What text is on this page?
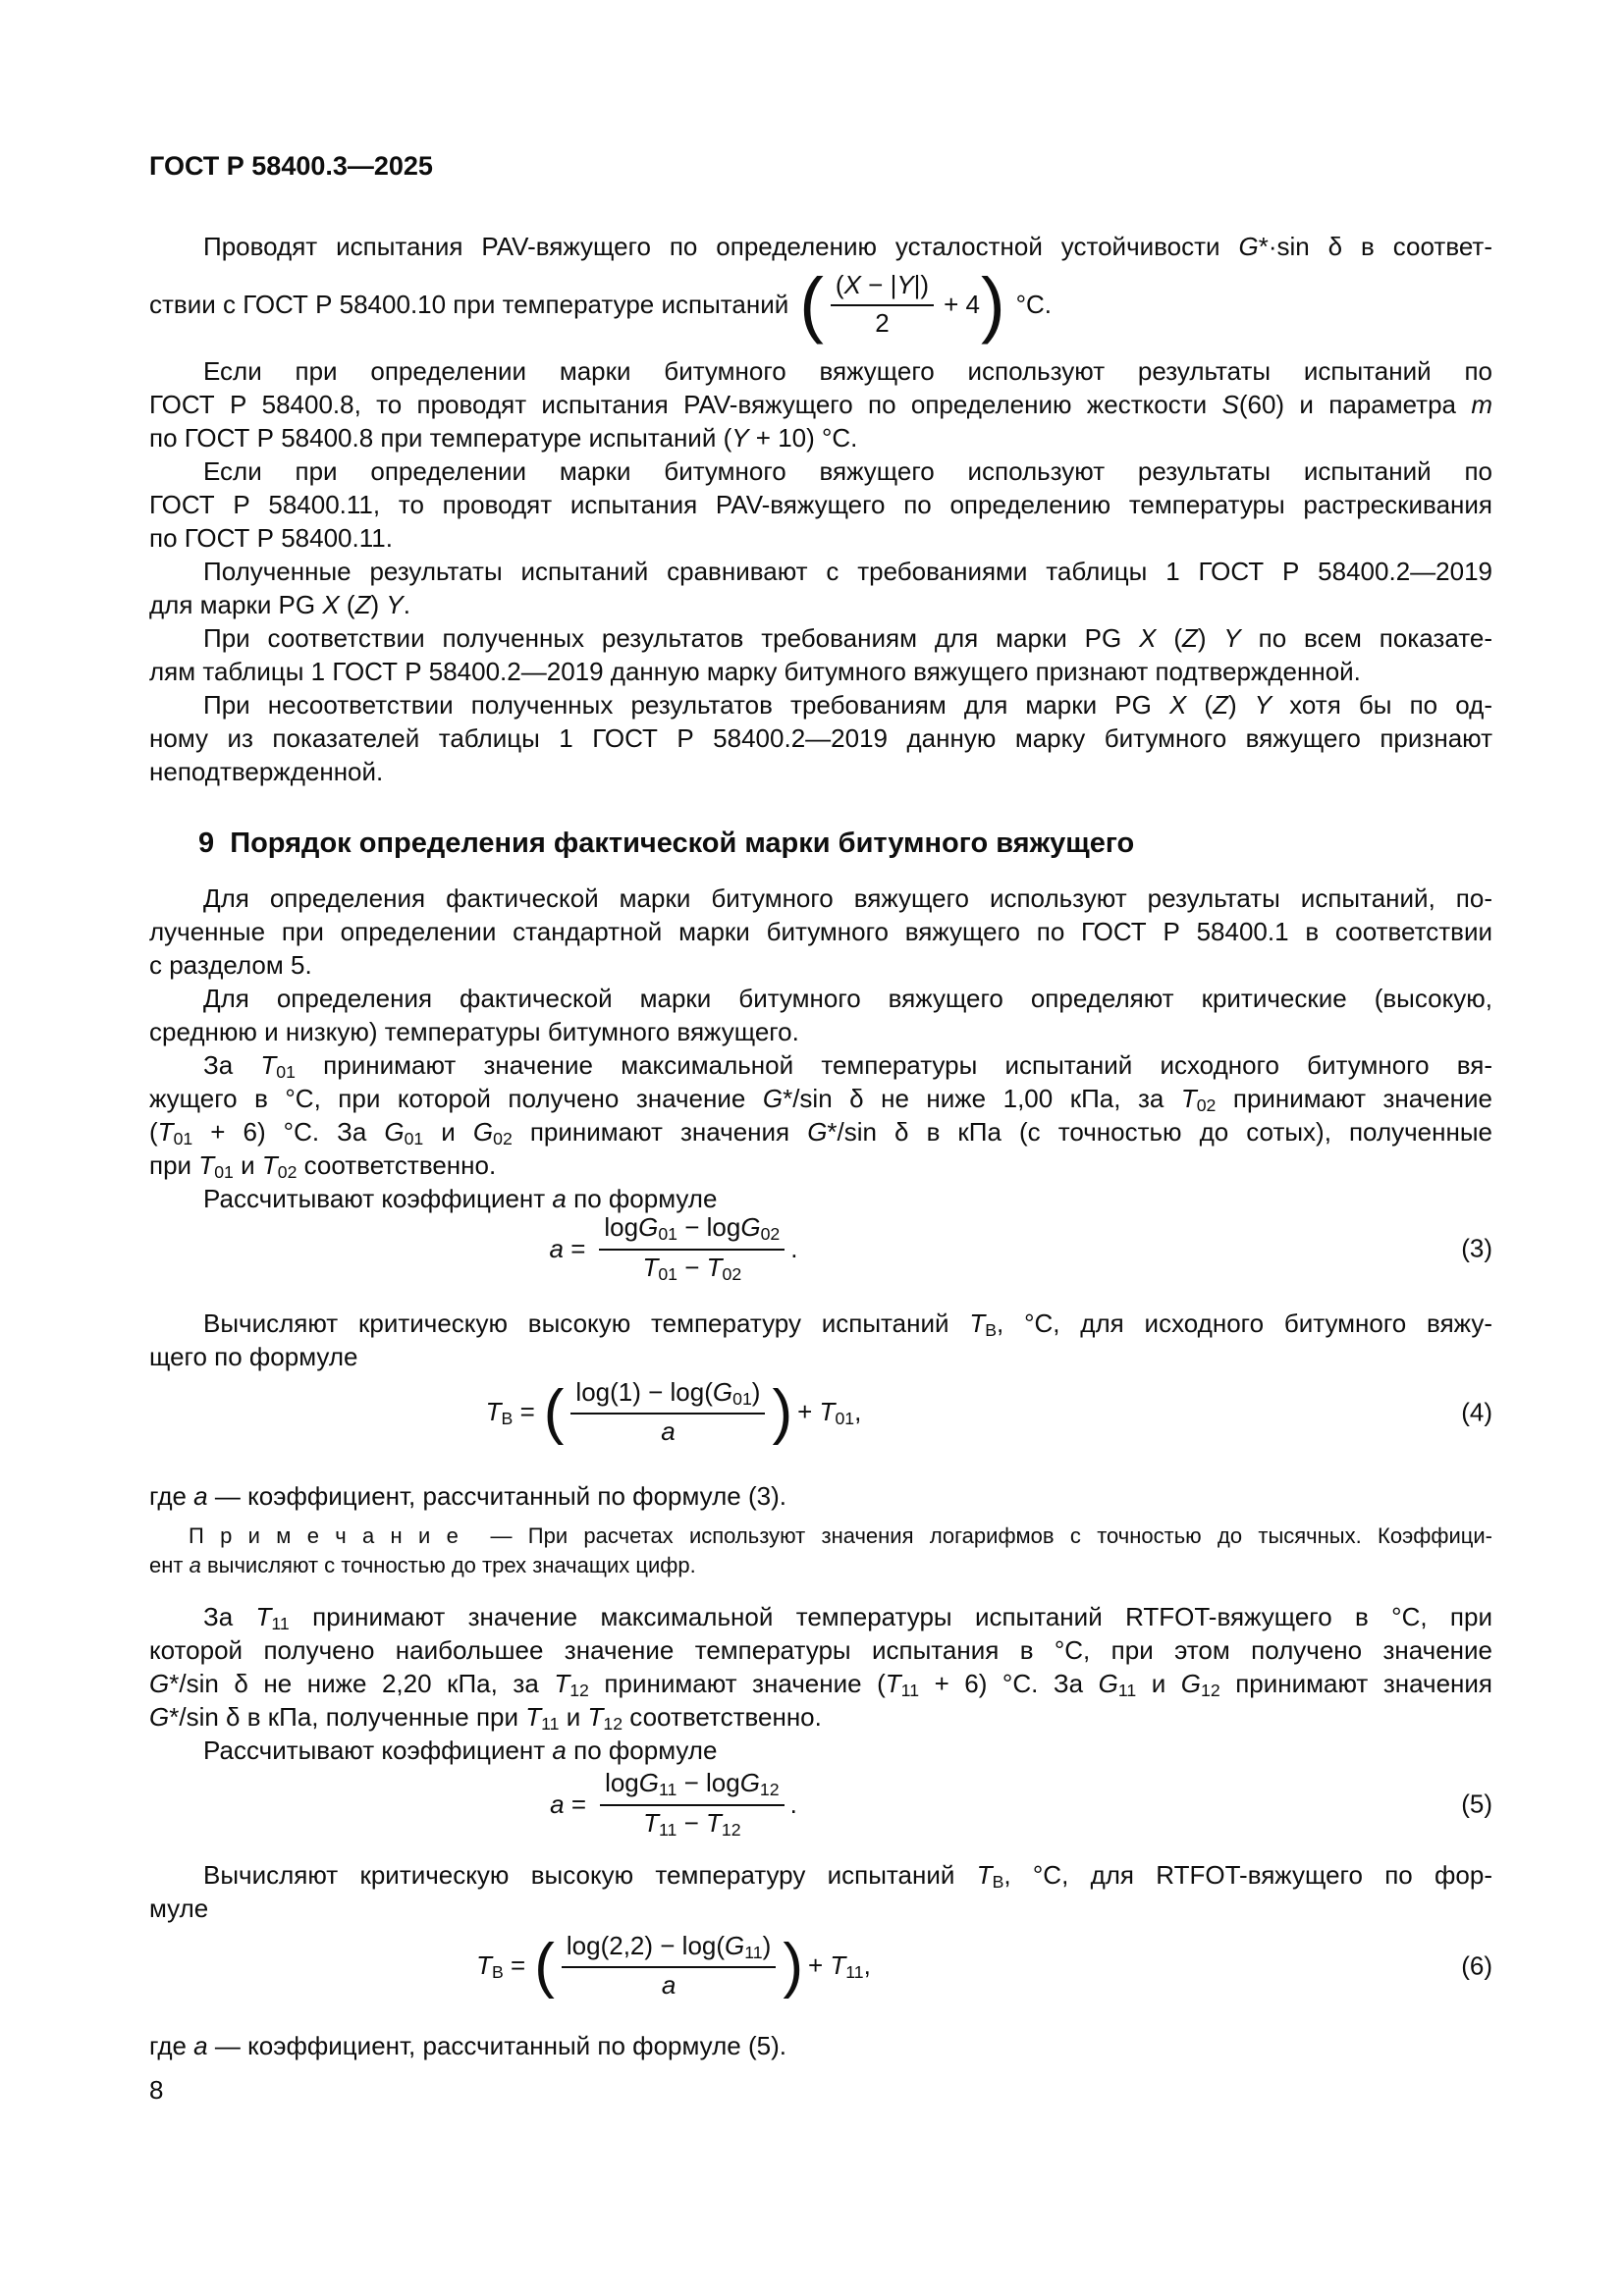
ГОСТ Р 58400.3—2025
Проводят испытания PAV-вяжущего по определению усталостной устойчивости G*·sin δ в соответ-
ствии с ГОСТ Р 58400.10 при температуре испытаний ( $\frac{(X - |Y|)}{2} + 4$ ) °С.
Если при определении марки битумного вяжущего используют результаты испытаний по
ГОСТ Р 58400.8, то проводят испытания PAV-вяжущего по определению жесткости S(60) и параметра m
по ГОСТ Р 58400.8 при температуре испытаний (Y + 10) °С.
Если при определении марки битумного вяжущего используют результаты испытаний по
ГОСТ Р 58400.11, то проводят испытания PAV-вяжущего по определению температуры растрескивания
по ГОСТ Р 58400.11.
Полученные результаты испытаний сравнивают с требованиями таблицы 1 ГОСТ Р 58400.2—2019
для марки PG X (Z) Y.
При соответствии полученных результатов требованиям для марки PG X (Z) Y по всем показате-
лям таблицы 1 ГОСТ Р 58400.2—2019 данную марку битумного вяжущего признают подтвержденной.
При несоответствии полученных результатов требованиям для марки PG X (Z) Y хотя бы по од-
ному из показателей таблицы 1 ГОСТ Р 58400.2—2019 данную марку битумного вяжущего признают
неподтвержденной.
9  Порядок определения фактической марки битумного вяжущего
Для определения фактической марки битумного вяжущего используют результаты испытаний, по-
лученные при определении стандартной марки битумного вяжущего по ГОСТ Р 58400.1 в соответствии
с разделом 5.
Для определения фактической марки битумного вяжущего определяют критические (высокую,
среднюю и низкую) температуры битумного вяжущего.
За T01 принимают значение максимальной температуры испытаний исходного битумного вя-
жущего в °С, при которой получено значение G*/sin δ не ниже 1,00 кПа, за T02 принимают значение
(T01 + 6) °С. За G01 и G02 принимают значения G*/sin δ в кПа (с точностью до сотых), полученные
при T01 и T02 соответственно.
Рассчитывают коэффициент a по формуле
$a = \frac{\log G01 - \log G02}{T01 - T02}$ .	(3)
Вычисляют критическую высокую температуру испытаний TВ, °С, для исходного битумного вяжу-
щего по формуле
TВ = ( $\frac{\log(1) - \log(G01)}{a}$ ) + T01,	(4)
где a — коэффициент, рассчитанный по формуле (3).
П р и м е ч а н и е  — При расчетах используют значения логарифмов с точностью до тысячных. Коэффици-
ент a вычисляют с точностью до трех значащих цифр.
За T11 принимают значение максимальной температуры испытаний RTFOT-вяжущего в °С, при
которой получено наибольшее значение температуры испытания в °С, при этом получено значение
G*/sin δ не ниже 2,20 кПа, за T12 принимают значение (T11 + 6) °С. За G11 и G12 принимают значения
G*/sin δ в кПа, полученные при T11 и T12 соответственно.
Рассчитывают коэффициент a по формуле
$a = \frac{\log G11 - \log G12}{T11 - T12}$ .	(5)
Вычисляют критическую высокую температуру испытаний TВ, °С, для RTFOT-вяжущего по фор-
муле
TВ = ( $\frac{\log(2,2) - \log(G11)}{a}$ ) + T11,	(6)
где a — коэффициент, рассчитанный по формуле (5).
8
